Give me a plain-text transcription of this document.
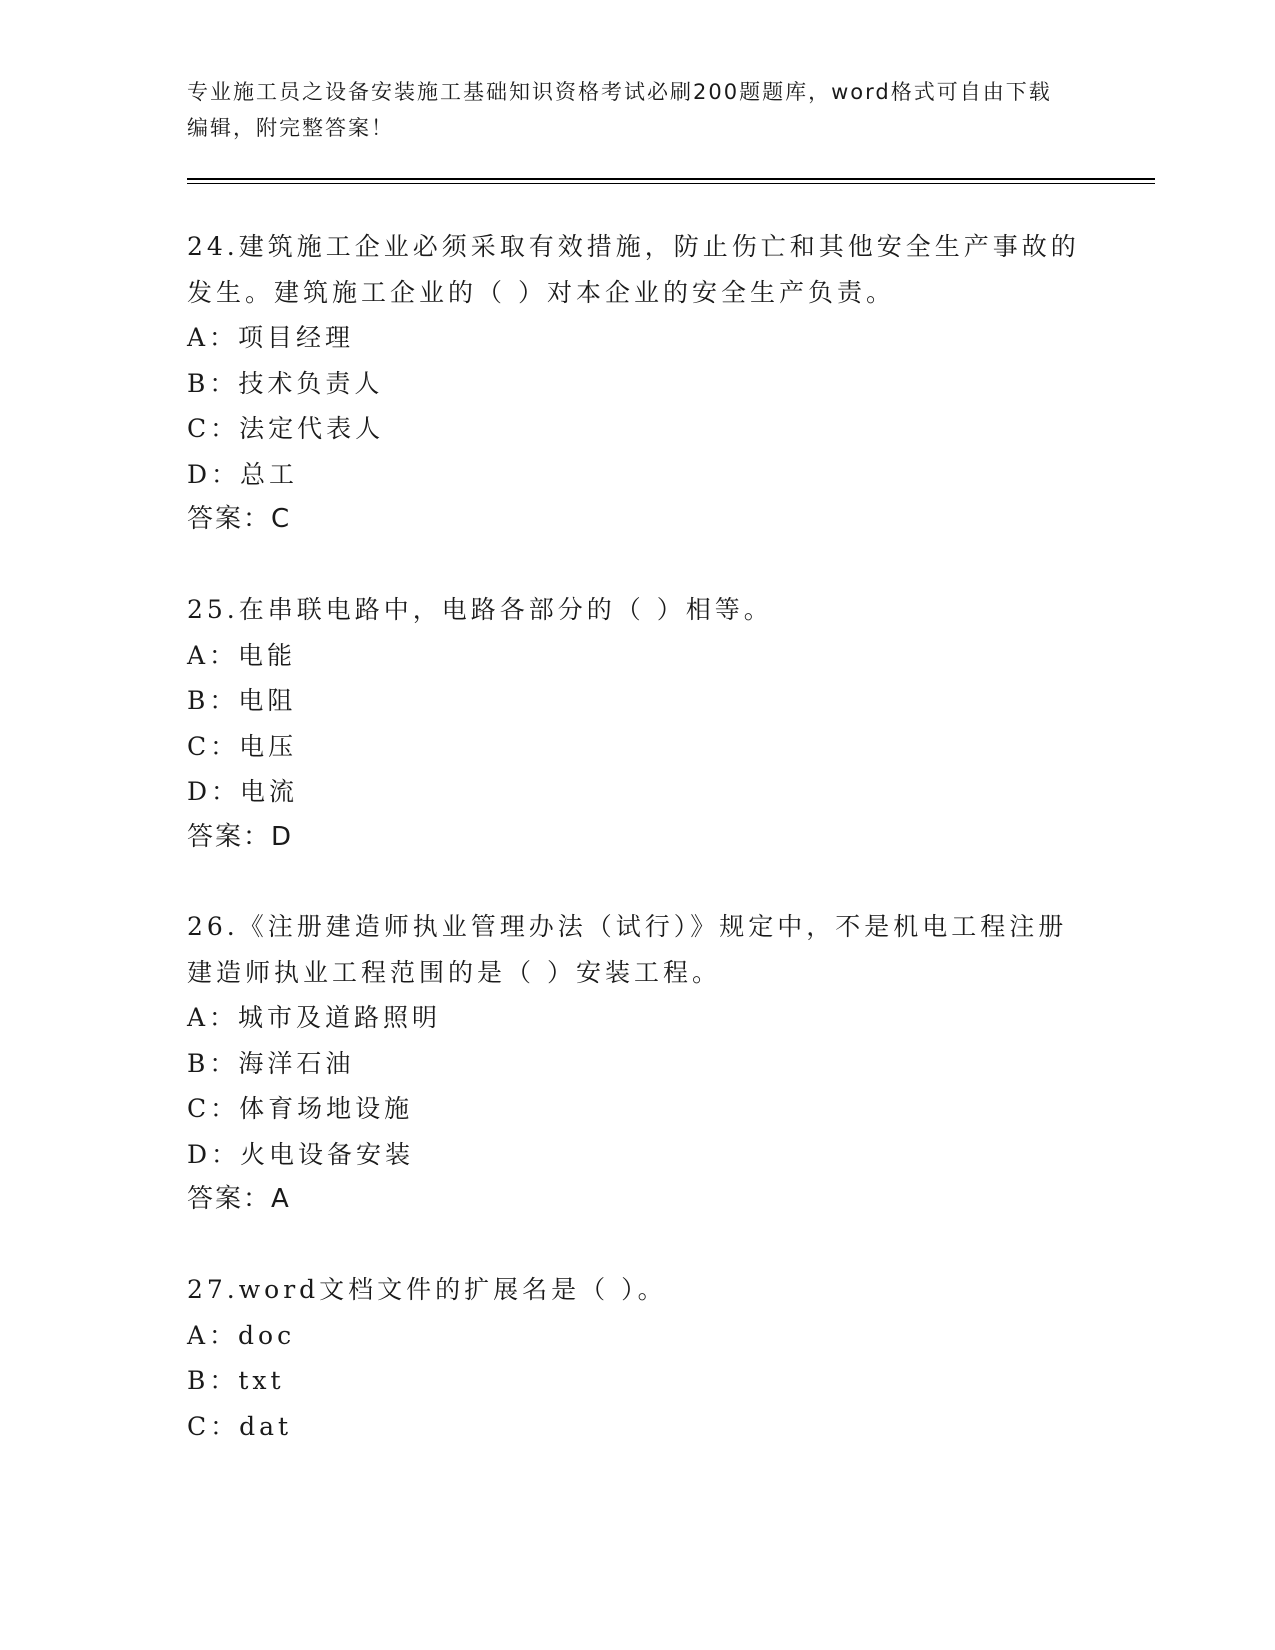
专业施工员之设备安装施工基础知识资格考试必刷200题题库，word格式可自由下载编辑，附完整答案！

24.建筑施工企业必须采取有效措施，防止伤亡和其他安全生产事故的发生。建筑施工企业的（ ）对本企业的安全生产负责。

A：项目经理

B：技术负责人

C：法定代表人

D：总工

答案：C

25.在串联电路中，电路各部分的（ ）相等。

A：电能

B：电阻

C：电压

D：电流

答案：D

26.《注册建造师执业管理办法（试行）》规定中，不是机电工程注册建造师执业工程范围的是（ ）安装工程。

A：城市及道路照明

B：海洋石油

C：体育场地设施

D：火电设备安装

答案：A

27.word文档文件的扩展名是（ ）。

A：doc

B：txt

C：dat
